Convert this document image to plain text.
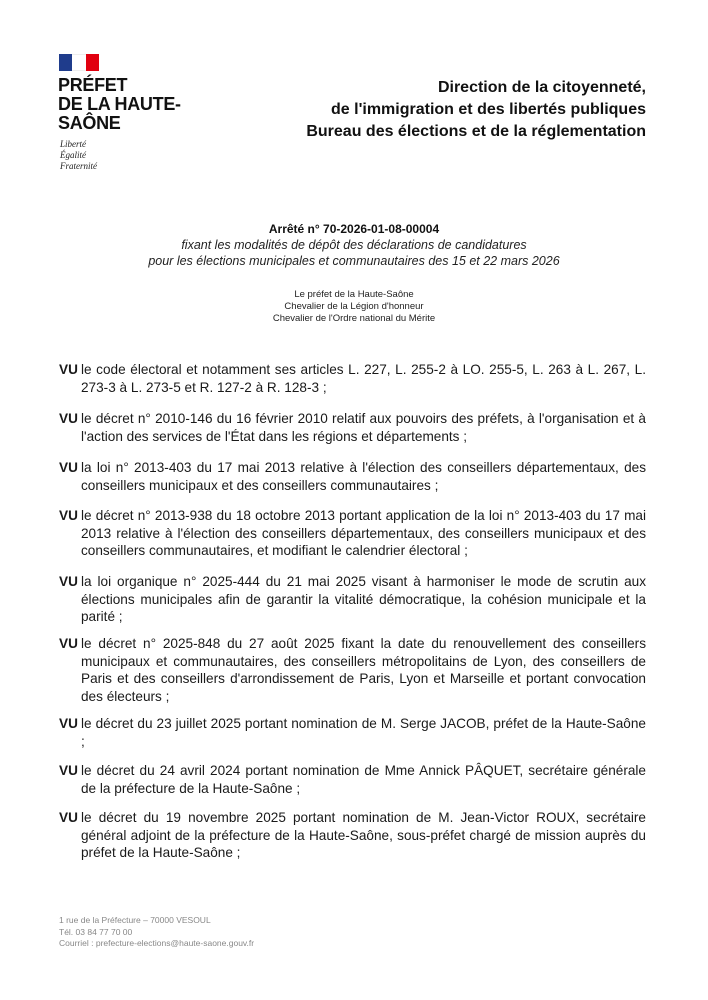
PRÉFET
DE LA HAUTE-
SAÔNE
Liberté
Égalité
Fraternité
Direction de la citoyenneté,
de l'immigration et des libertés publiques
Bureau des élections et de la réglementation
Arrêté n° 70-2026-01-08-00004
fixant les modalités de dépôt des déclarations de candidatures
pour les élections municipales et communautaires des 15 et 22 mars 2026
Le préfet de la Haute-Saône
Chevalier de la Légion d'honneur
Chevalier de l'Ordre national du Mérite
VU le code électoral et notamment ses articles L. 227, L. 255-2 à LO. 255-5, L. 263 à L. 267, L. 273-3 à L. 273-5 et R. 127-2 à R. 128-3 ;
VU le décret n° 2010-146 du 16 février 2010 relatif aux pouvoirs des préfets, à l'organisation et à l'action des services de l'État dans les régions et départements ;
VU la loi n° 2013-403 du 17 mai 2013 relative à l'élection des conseillers départementaux, des conseillers municipaux et des conseillers communautaires ;
VU le décret n° 2013-938 du 18 octobre 2013 portant application de la loi n° 2013-403 du 17 mai 2013 relative à l'élection des conseillers départementaux, des conseillers municipaux et des conseillers communautaires, et modifiant le calendrier électoral ;
VU la loi organique n° 2025-444 du 21 mai 2025 visant à harmoniser le mode de scrutin aux élections municipales afin de garantir la vitalité démocratique, la cohésion municipale et la parité ;
VU le décret n° 2025-848 du 27 août 2025 fixant la date du renouvellement des conseillers municipaux et communautaires, des conseillers métropolitains de Lyon, des conseillers de Paris et des conseillers d'arrondissement de Paris, Lyon et Marseille et portant convocation des électeurs ;
VU le décret du 23 juillet 2025 portant nomination de M. Serge JACOB, préfet de la Haute-Saône ;
VU le décret du 24 avril 2024 portant nomination de Mme Annick PÂQUET, secrétaire générale de la préfecture de la Haute-Saône ;
VU le décret du 19 novembre 2025 portant nomination de M. Jean-Victor ROUX, secrétaire général adjoint de la préfecture de la Haute-Saône, sous-préfet chargé de mission auprès du préfet de la Haute-Saône ;
1 rue de la Préfecture – 70000 VESOUL
Tél. 03 84 77 70 00
Courriel : prefecture-elections@haute-saone.gouv.fr
